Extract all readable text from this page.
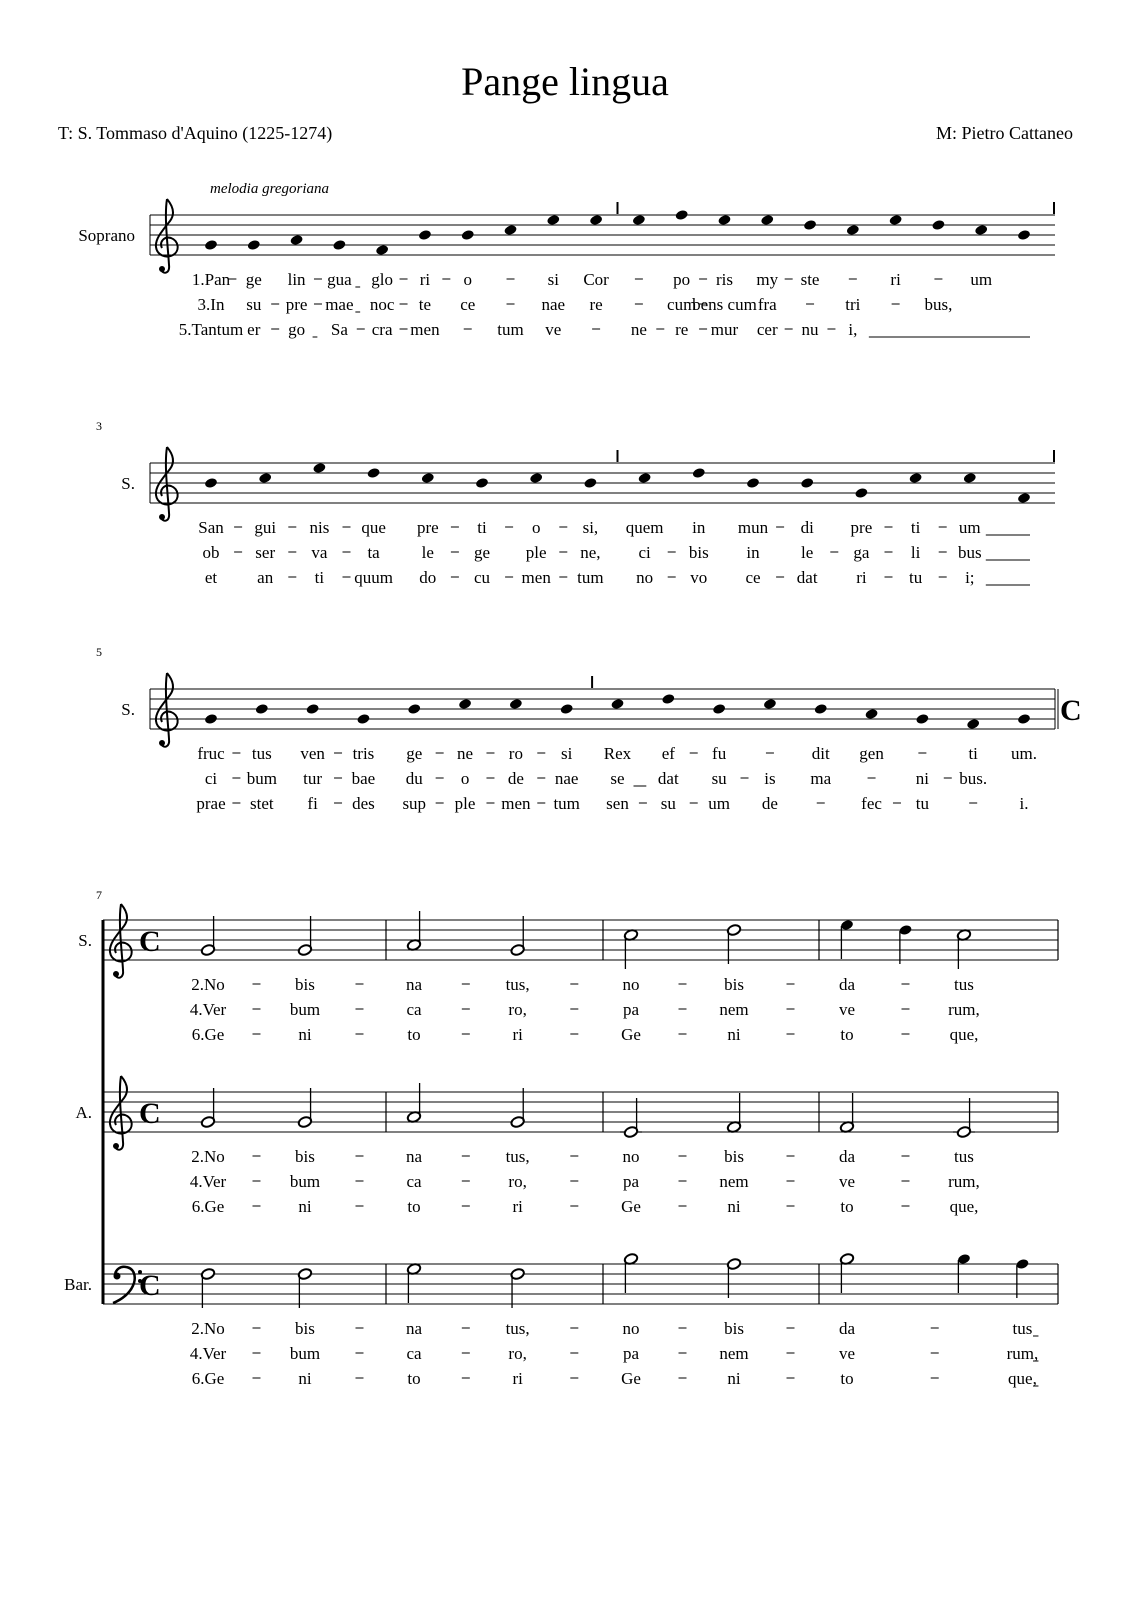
Pange lingua
T: S. Tommaso d'Aquino (1225-1274)	M: Pietro Cattaneo
melodia gregoriana
Soprano
1.Pan ge lin gua glo ri o	si Cor	po ris my ste	ri	um
3.In su pre mae noc te ce	nae re	cum
bens cum fra	tri	bus,
5.Tantum er go Sa cra men	tum ve	ne re mur cer nu i,
S.
3
San gui nis que pre ti	o si, quem in mun di pre ti um
ob ser va ta le ge ple ne, ci bis in le ga li bus
et an ti quum do cu men tum no vo ce dat ri tu	i;
S.
5
C
fruc tus ven tris ge ne ro si Rex ef fu	dit gen	ti um.
ci bum tur bae du o de nae se dat su is ma	ni bus.
prae stet fi des sup ple men tum sen su um de	fec tu	i.
7
C
S.
2.No	bis	na	tus,	no	bis	da	tus
4.Ver	bum	ca	ro,	pa	nem	ve	rum,
6.Ge	ni	to	ri	Ge	ni	to	que,
C
A.
2.No	bis	na	tus,	no	bis	da	tus
4.Ver	bum	ca	ro,	pa	nem	ve	rum,
6.Ge	ni	to	ri	Ge	ni	to	que,
C
Bar.
2.No	bis	na	tus,	no	bis	da	tus
4.Ver	bum	ca	ro,	pa	nem	ve	rum,
6.Ge	ni	to	ri	Ge	ni	to	que,
